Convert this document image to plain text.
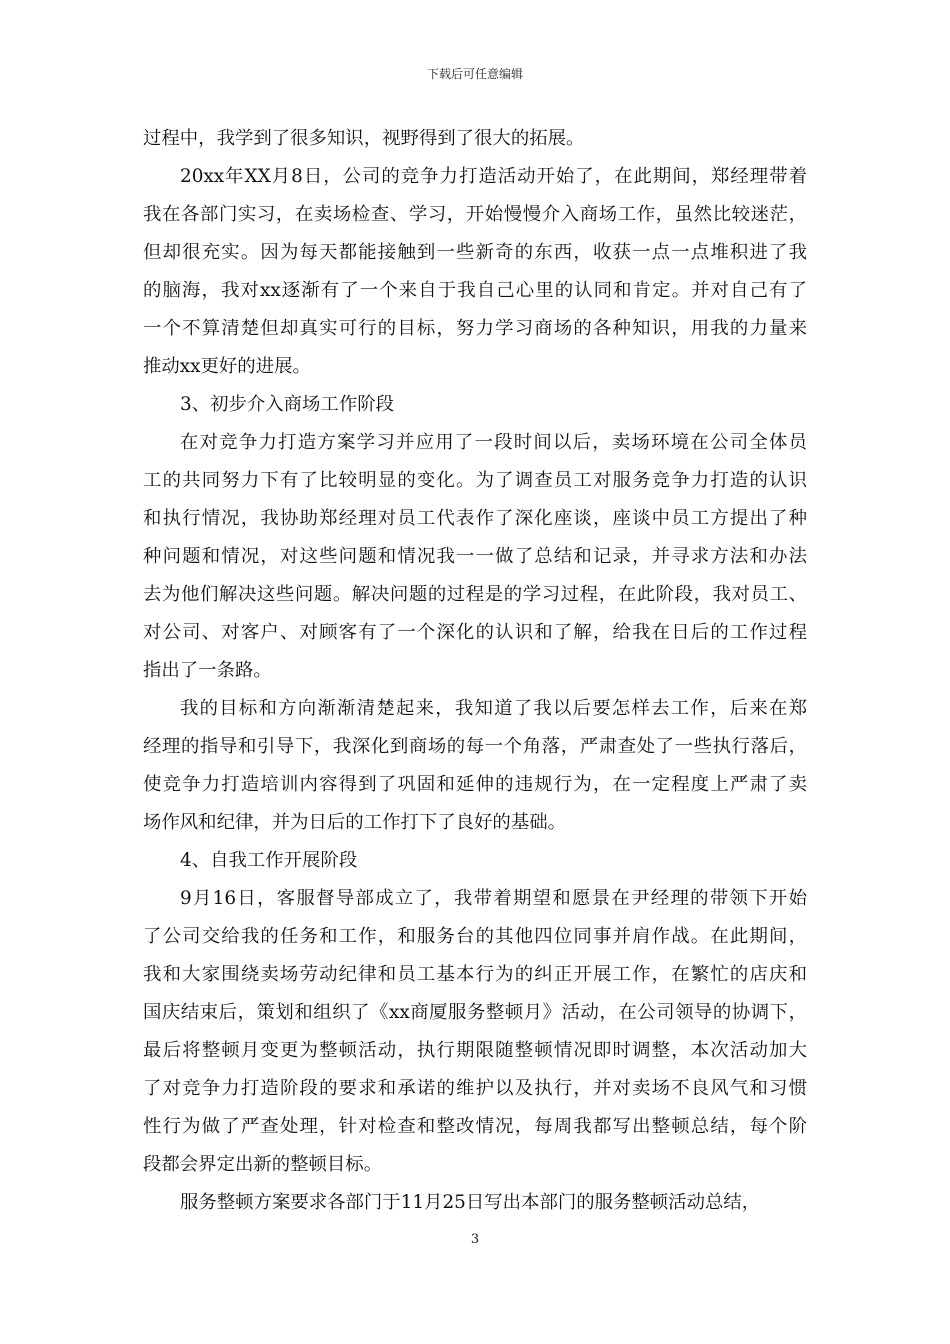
下载后可任意编辑
过程中，我学到了很多知识，视野得到了很大的拓展。
20xx年XX月8日，公司的竞争力打造活动开始了，在此期间，郑经理带着
我在各部门实习，在卖场检查、学习，开始慢慢介入商场工作，虽然比较迷茫，
但却很充实。因为每天都能接触到一些新奇的东西，收获一点一点堆积进了我
的脑海，我对xx逐渐有了一个来自于我自己心里的认同和肯定。并对自己有了
一个不算清楚但却真实可行的目标，努力学习商场的各种知识，用我的力量来
推动xx更好的进展。
3、初步介入商场工作阶段
在对竞争力打造方案学习并应用了一段时间以后，卖场环境在公司全体员
工的共同努力下有了比较明显的变化。为了调查员工对服务竞争力打造的认识
和执行情况，我协助郑经理对员工代表作了深化座谈，座谈中员工方提出了种
种问题和情况，对这些问题和情况我一一做了总结和记录，并寻求方法和办法
去为他们解决这些问题。解决问题的过程是的学习过程，在此阶段，我对员工、
对公司、对客户、对顾客有了一个深化的认识和了解，给我在日后的工作过程
指出了一条路。
我的目标和方向渐渐清楚起来，我知道了我以后要怎样去工作，后来在郑
经理的指导和引导下，我深化到商场的每一个角落，严肃查处了一些执行落后，
使竞争力打造培训内容得到了巩固和延伸的违规行为，在一定程度上严肃了卖
场作风和纪律，并为日后的工作打下了良好的基础。
4、自我工作开展阶段
9月16日，客服督导部成立了，我带着期望和愿景在尹经理的带领下开始
了公司交给我的任务和工作，和服务台的其他四位同事并肩作战。在此期间，
我和大家围绕卖场劳动纪律和员工基本行为的纠正开展工作，在繁忙的店庆和
国庆结束后，策划和组织了《xx商厦服务整顿月》活动，在公司领导的协调下，
最后将整顿月变更为整顿活动，执行期限随整顿情况即时调整，本次活动加大
了对竞争力打造阶段的要求和承诺的维护以及执行，并对卖场不良风气和习惯
性行为做了严查处理，针对检查和整改情况，每周我都写出整顿总结，每个阶
段都会界定出新的整顿目标。
服务整顿方案要求各部门于11月25日写出本部门的服务整顿活动总结，
3
